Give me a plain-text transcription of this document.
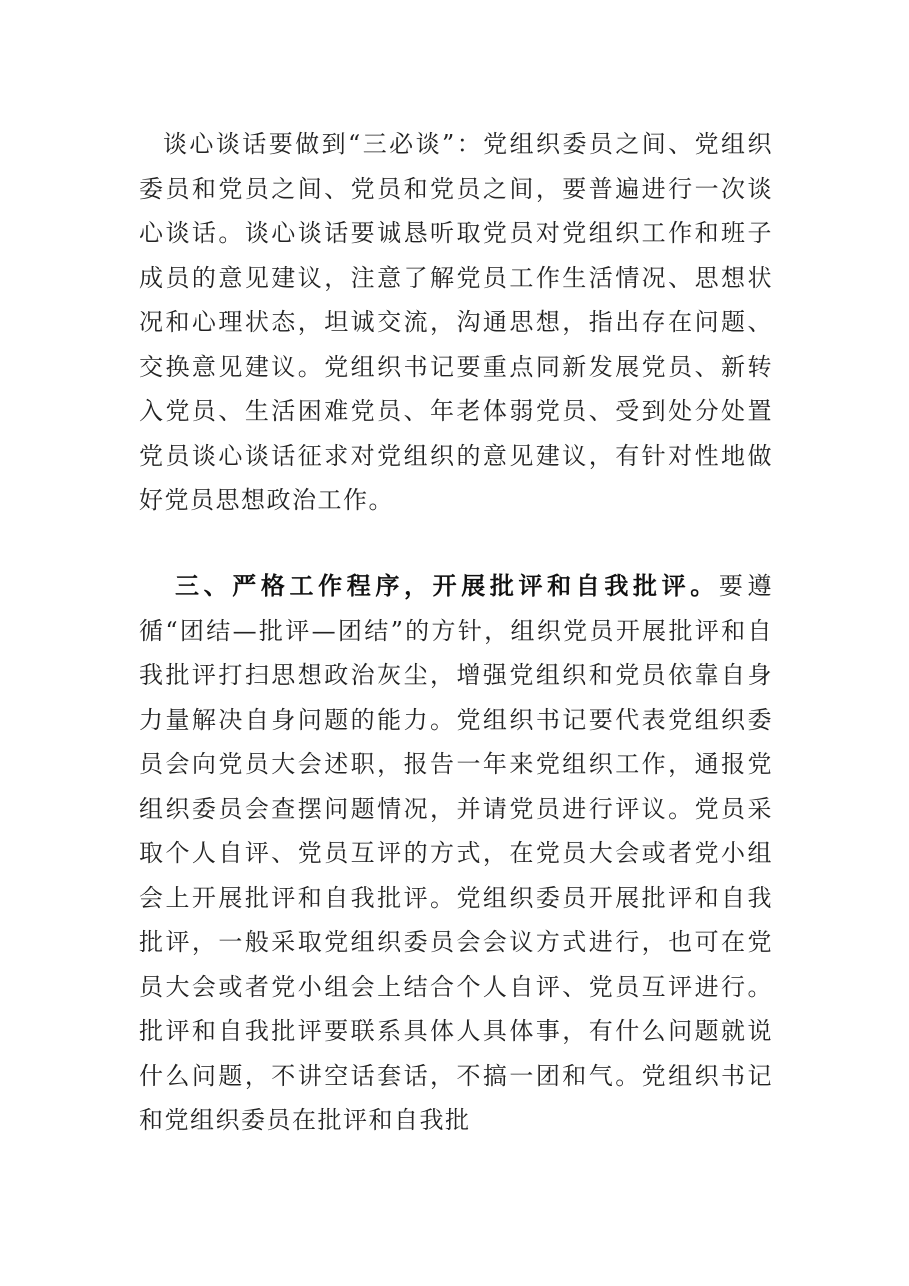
谈心谈话要做到“三必谈”：党组织委员之间、党组织委员和党员之间、党员和党员之间，要普遍进行一次谈心谈话。谈心谈话要诚恳听取党员对党组织工作和班子成员的意见建议，注意了解党员工作生活情况、思想状况和心理状态，坦诚交流，沟通思想，指出存在问题、交换意见建议。党组织书记要重点同新发展党员、新转入党员、生活困难党员、年老体弱党员、受到处分处置党员谈心谈话征求对党组织的意见建议，有针对性地做好党员思想政治工作。

三、严格工作程序，开展批评和自我批评。要遵循“团结—批评—团结”的方针，组织党员开展批评和自我批评打扫思想政治灰尘，增强党组织和党员依靠自身力量解决自身问题的能力。党组织书记要代表党组织委员会向党员大会述职，报告一年来党组织工作，通报党组织委员会查摆问题情况，并请党员进行评议。党员采取个人自评、党员互评的方式，在党员大会或者党小组会上开展批评和自我批评。党组织委员开展批评和自我批评，一般采取党组织委员会会议方式进行，也可在党员大会或者党小组会上结合个人自评、党员互评进行。批评和自我批评要联系具体人具体事，有什么问题就说什么问题，不讲空话套话，不搞一团和气。党组织书记和党组织委员在批评和自我批
